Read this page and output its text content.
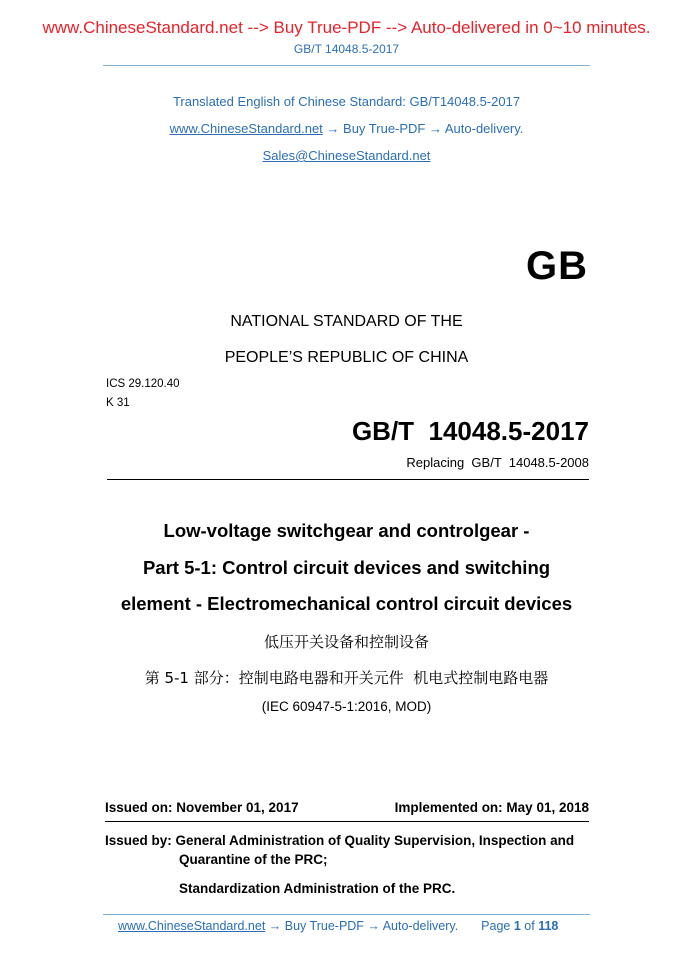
www.ChineseStandard.net --> Buy True-PDF --> Auto-delivered in 0~10 minutes.
GB/T 14048.5-2017
Translated English of Chinese Standard: GB/T14048.5-2017
www.ChineseStandard.net → Buy True-PDF → Auto-delivery.
Sales@ChineseStandard.net
GB
NATIONAL STANDARD OF THE
PEOPLE’S REPUBLIC OF CHINA
ICS 29.120.40
K 31
GB/T  14048.5-2017
Replacing  GB/T  14048.5-2008
Low-voltage switchgear and controlgear -
Part 5-1: Control circuit devices and switching
element - Electromechanical control circuit devices
低压开关设备和控制设备
第 5-1 部分：控制电路电器和开关元件  机电式控制电路电器
(IEC 60947-5-1:2016, MOD)
Issued on: November 01, 2017	Implemented on: May 01, 2018
Issued by: General Administration of Quality Supervision, Inspection and
Quarantine of the PRC;
Standardization Administration of the PRC.
www.ChineseStandard.net → Buy True-PDF → Auto-delivery. Page 1 of 118
